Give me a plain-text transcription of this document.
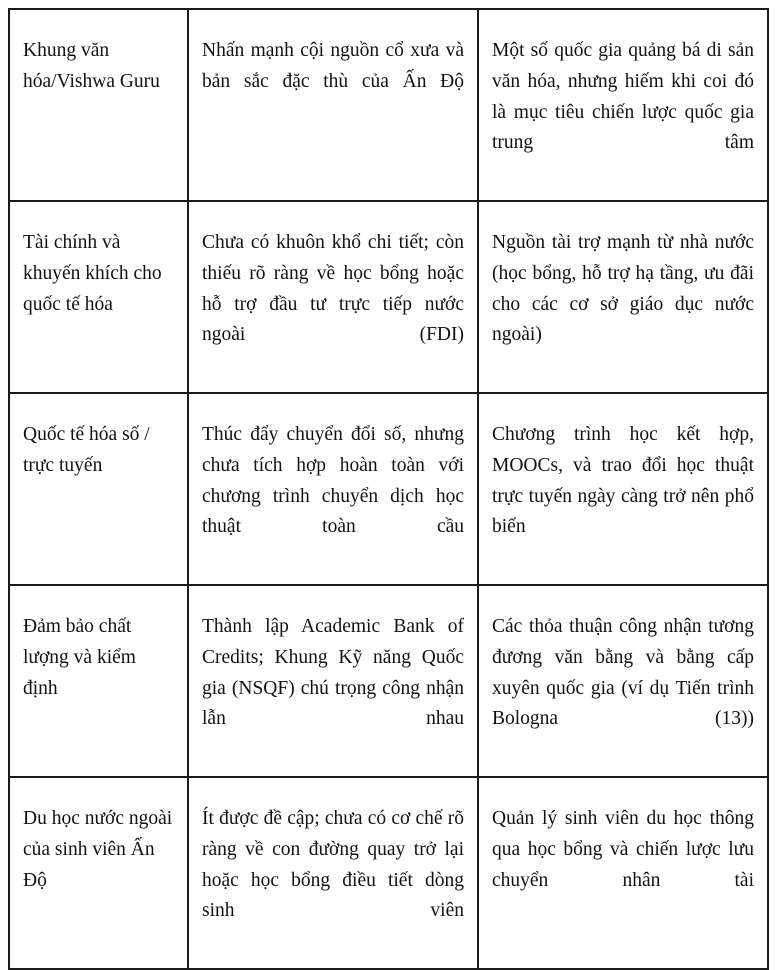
Khung văn hóa/Vishwa Guru	Nhấn mạnh cội nguồn cổ xưa và bản sắc đặc thù của Ấn Độ	Một số quốc gia quảng bá di sản văn hóa, nhưng hiếm khi coi đó là mục tiêu chiến lược quốc gia trung tâm
Tài chính và khuyến khích cho quốc tế hóa	Chưa có khuôn khổ chi tiết; còn thiếu rõ ràng về học bổng hoặc hỗ trợ đầu tư trực tiếp nước ngoài (FDI)	Nguồn tài trợ mạnh từ nhà nước (học bổng, hỗ trợ hạ tầng, ưu đãi cho các cơ sở giáo dục nước ngoài)
Quốc tế hóa số / trực tuyến	Thúc đẩy chuyển đổi số, nhưng chưa tích hợp hoàn toàn với chương trình chuyển dịch học thuật toàn cầu	Chương trình học kết hợp, MOOCs, và trao đổi học thuật trực tuyến ngày càng trở nên phổ biến
Đảm bảo chất lượng và kiểm định	Thành lập Academic Bank of Credits; Khung Kỹ năng Quốc gia (NSQF) chú trọng công nhận lẫn nhau	Các thỏa thuận công nhận tương đương văn bằng và bằng cấp xuyên quốc gia (ví dụ Tiến trình Bologna (13))
Du học nước ngoài của sinh viên Ấn Độ	Ít được đề cập; chưa có cơ chế rõ ràng về con đường quay trở lại hoặc học bổng điều tiết dòng sinh viên	Quản lý sinh viên du học thông qua học bổng và chiến lược lưu chuyển nhân tài
